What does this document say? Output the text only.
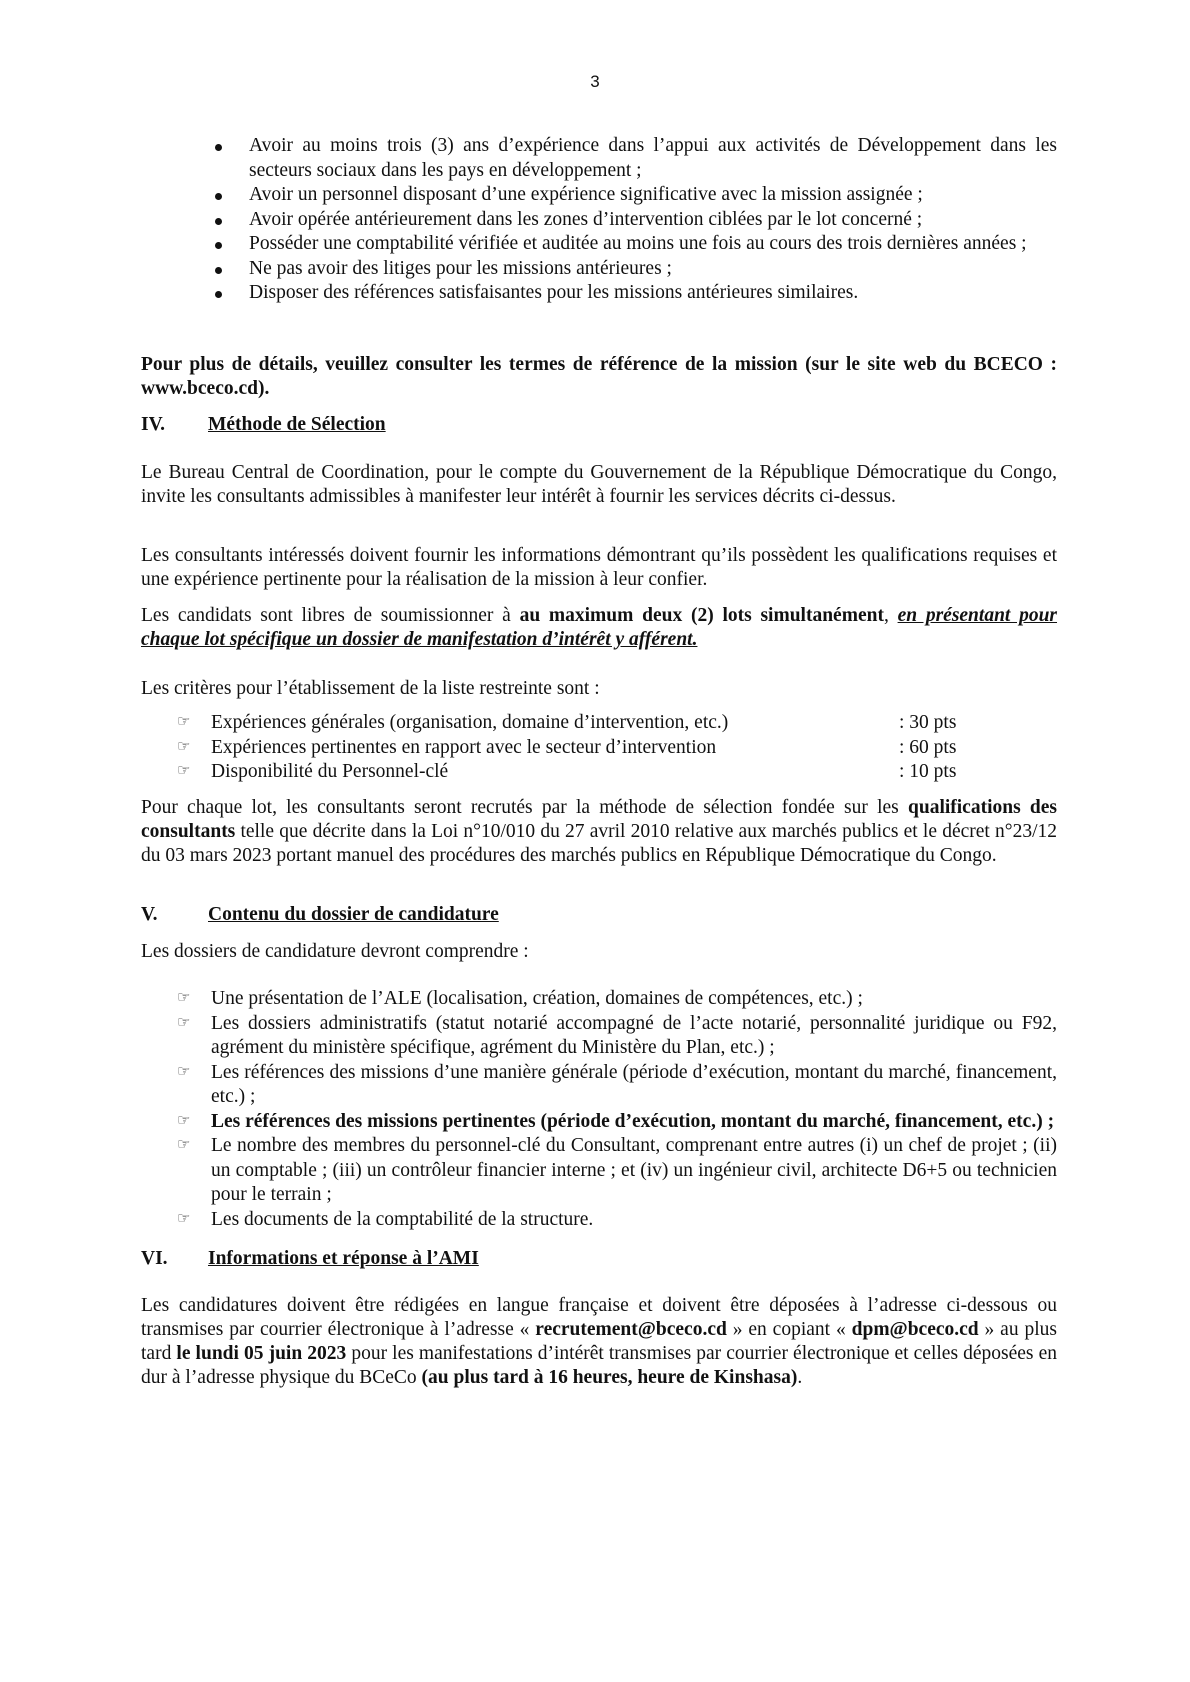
3
Avoir au moins trois (3) ans d’expérience dans l’appui aux activités de Développement dans les secteurs sociaux dans les pays en développement ;
Avoir un personnel disposant d’une expérience significative avec la mission assignée ;
Avoir opérée antérieurement dans les zones d’intervention ciblées par le lot concerné ;
Posséder une comptabilité vérifiée et auditée au moins une fois au cours des trois dernières années ;
Ne pas avoir des litiges pour les missions antérieures ;
Disposer des références satisfaisantes pour les missions antérieures similaires.
Pour plus de détails, veuillez consulter les termes de référence de la mission (sur le site web du BCECO : www.bceco.cd).
IV. Méthode de Sélection
Le Bureau Central de Coordination, pour le compte du Gouvernement de la République Démocratique du Congo, invite les consultants admissibles à manifester leur intérêt à fournir les services décrits ci-dessus.
Les consultants intéressés doivent fournir les informations démontrant qu’ils possèdent les qualifications requises et une expérience pertinente pour la réalisation de la mission à leur confier.
Les candidats sont libres de soumissionner à au maximum deux (2) lots simultanément, en présentant pour chaque lot spécifique un dossier de manifestation d’intérêt y afférent.
Les critères pour l’établissement de la liste restreinte sont :
☞ Expériences générales (organisation, domaine d’intervention, etc.)	: 30 pts
☞ Expériences pertinentes en rapport avec le secteur d’intervention	: 60 pts
☞ Disponibilité du Personnel-clé	: 10 pts
Pour chaque lot, les consultants seront recrutés par la méthode de sélection fondée sur les qualifications des consultants telle que décrite dans la Loi n°10/010 du 27 avril 2010 relative aux marchés publics et le décret n°23/12 du 03 mars 2023 portant manuel des procédures des marchés publics en République Démocratique du Congo.
V.	Contenu du dossier de candidature
Les dossiers de candidature devront comprendre :
☞ Une présentation de l’ALE (localisation, création, domaines de compétences, etc.) ;
☞ Les dossiers administratifs (statut notarié accompagné de l’acte notarié, personnalité juridique ou F92, agrément du ministère spécifique, agrément du Ministère du Plan, etc.) ;
☞ Les références des missions d’une manière générale (période d’exécution, montant du marché, financement, etc.) ;
☞ Les références des missions pertinentes (période d’exécution, montant du marché, financement, etc.) ;
☞ Le nombre des membres du personnel-clé du Consultant, comprenant entre autres (i) un chef de projet ; (ii) un comptable ; (iii) un contrôleur financier interne ; et (iv) un ingénieur civil, architecte D6+5 ou technicien pour le terrain ;
☞ Les documents de la comptabilité de la structure.
VI. Informations et réponse à l’AMI
Les candidatures doivent être rédigées en langue française et doivent être déposées à l’adresse ci-dessous ou transmises par courrier électronique à l’adresse « recrutement@bceco.cd » en copiant « dpm@bceco.cd » au plus tard le lundi 05 juin 2023 pour les manifestations d’intérêt transmises par courrier électronique et celles déposées en dur à l’adresse physique du BCeCo (au plus tard à 16 heures, heure de Kinshasa).
